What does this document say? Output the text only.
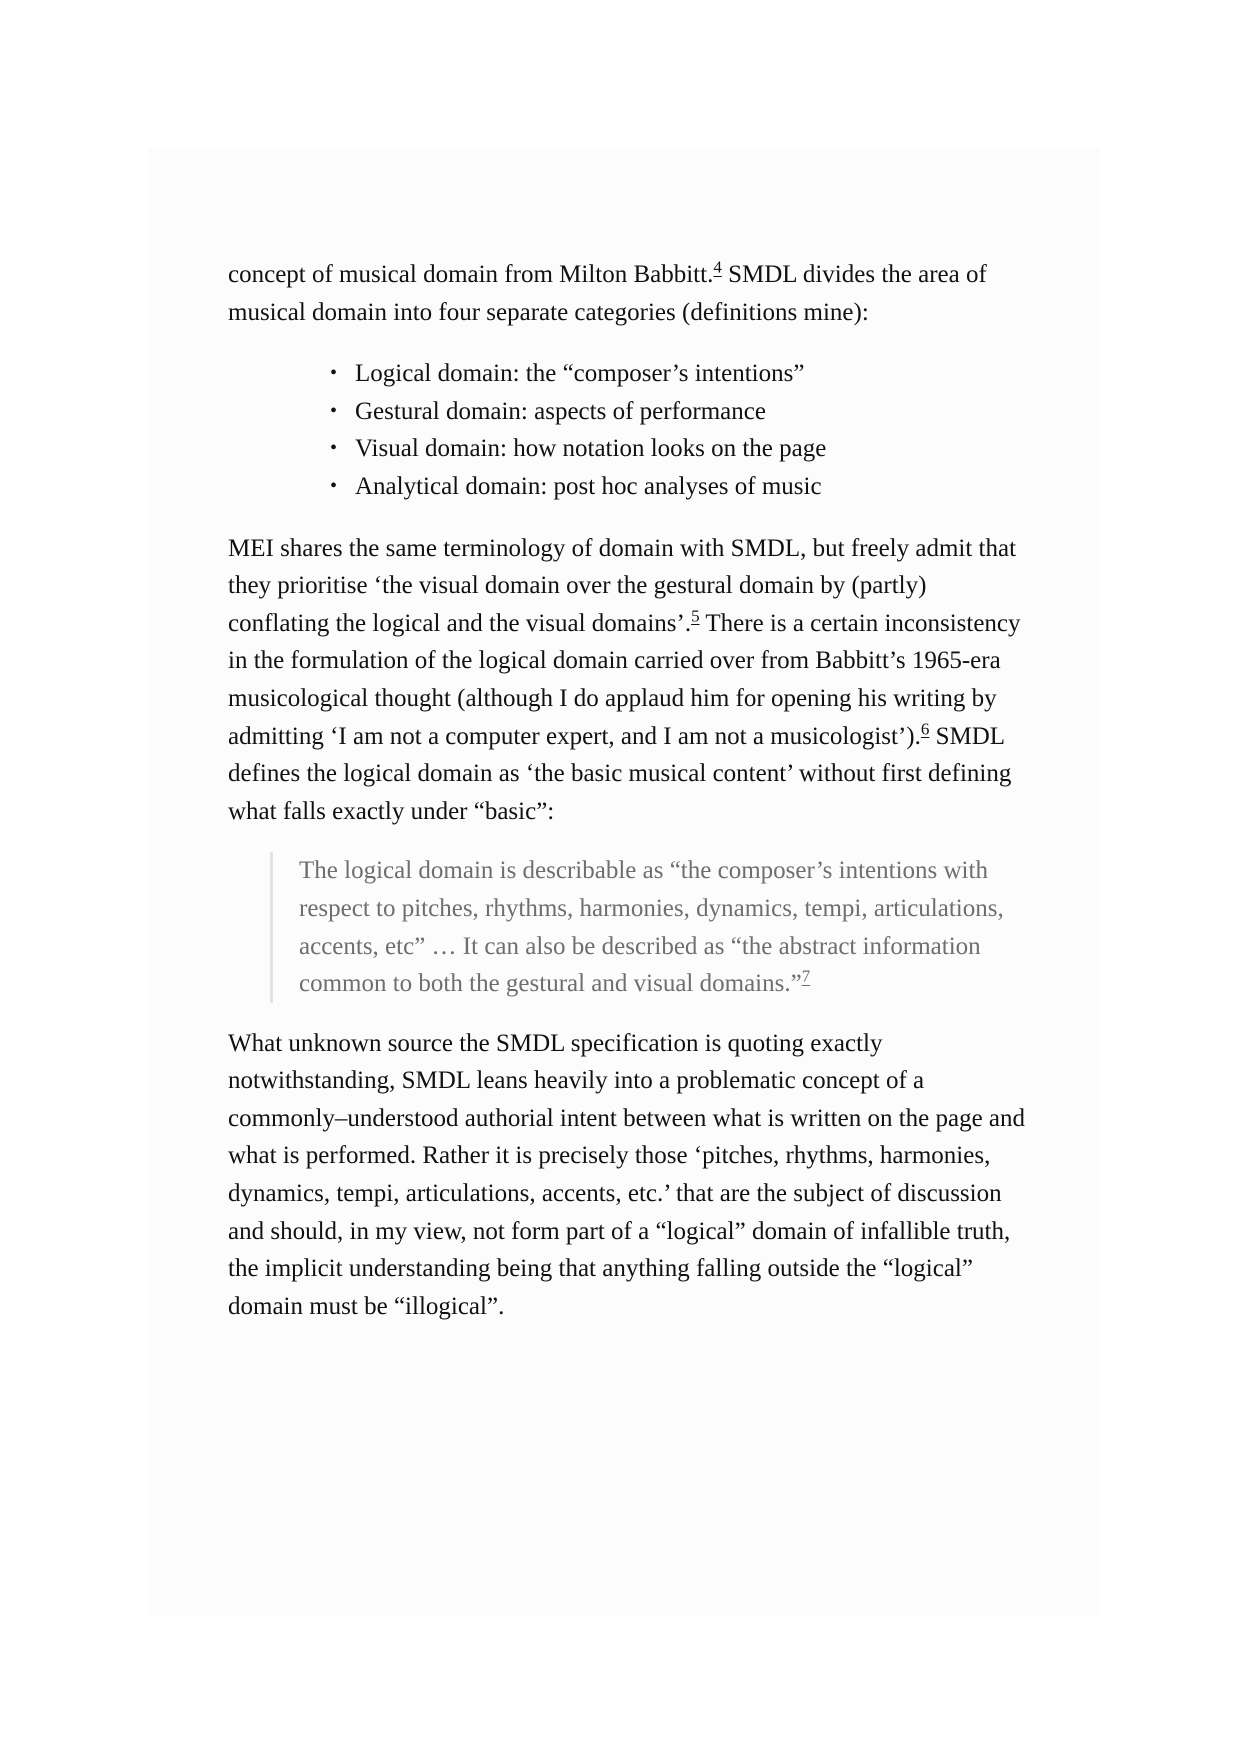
concept of musical domain from Milton Babbitt.$^4$ SMDL divides the area of musical domain into four separate categories (definitions mine):

• Logical domain: the “composer’s intentions”
• Gestural domain: aspects of performance
• Visual domain: how notation looks on the page
• Analytical domain: post hoc analyses of music

MEI shares the same terminology of domain with SMDL, but freely admit that they prioritise ‘the visual domain over the gestural domain by (partly) conflating the logical and the visual domains’.$^5$ There is a certain inconsistency in the formulation of the logical domain carried over from Babbitt’s 1965-era musicological thought (although I do applaud him for opening his writing by admitting ‘I am not a computer expert, and I am not a musicologist’).$^6$ SMDL defines the logical domain as ‘the basic musical content’ without first defining what falls exactly under “basic”:

The logical domain is describable as “the composer’s intentions with respect to pitches, rhythms, harmonies, dynamics, tempi, articulations, accents, etc” … It can also be described as “the abstract information common to both the gestural and visual domains.”$^7$

What unknown source the SMDL specification is quoting exactly notwithstanding, SMDL leans heavily into a problematic concept of a commonly–understood authorial intent between what is written on the page and what is performed. Rather it is precisely those ‘pitches, rhythms, harmonies, dynamics, tempi, articulations, accents, etc.’ that are the subject of discussion and should, in my view, not form part of a “logical” domain of infallible truth, the implicit understanding being that anything falling outside the “logical” domain must be “illogical”.
